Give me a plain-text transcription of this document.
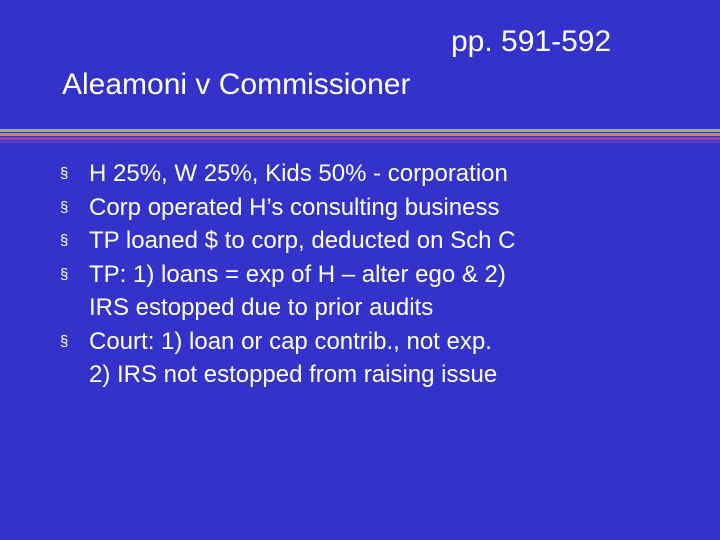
pp. 591-592
Aleamoni v Commissioner
§ H 25%, W 25%, Kids 50% - corporation
§ Corp operated H’s consulting business
§ TP loaned $ to corp, deducted on Sch C
§ TP: 1) loans = exp of H – alter ego & 2)
IRS estopped due to prior audits
§ Court: 1) loan or cap contrib., not exp.
2) IRS not estopped from raising issue
